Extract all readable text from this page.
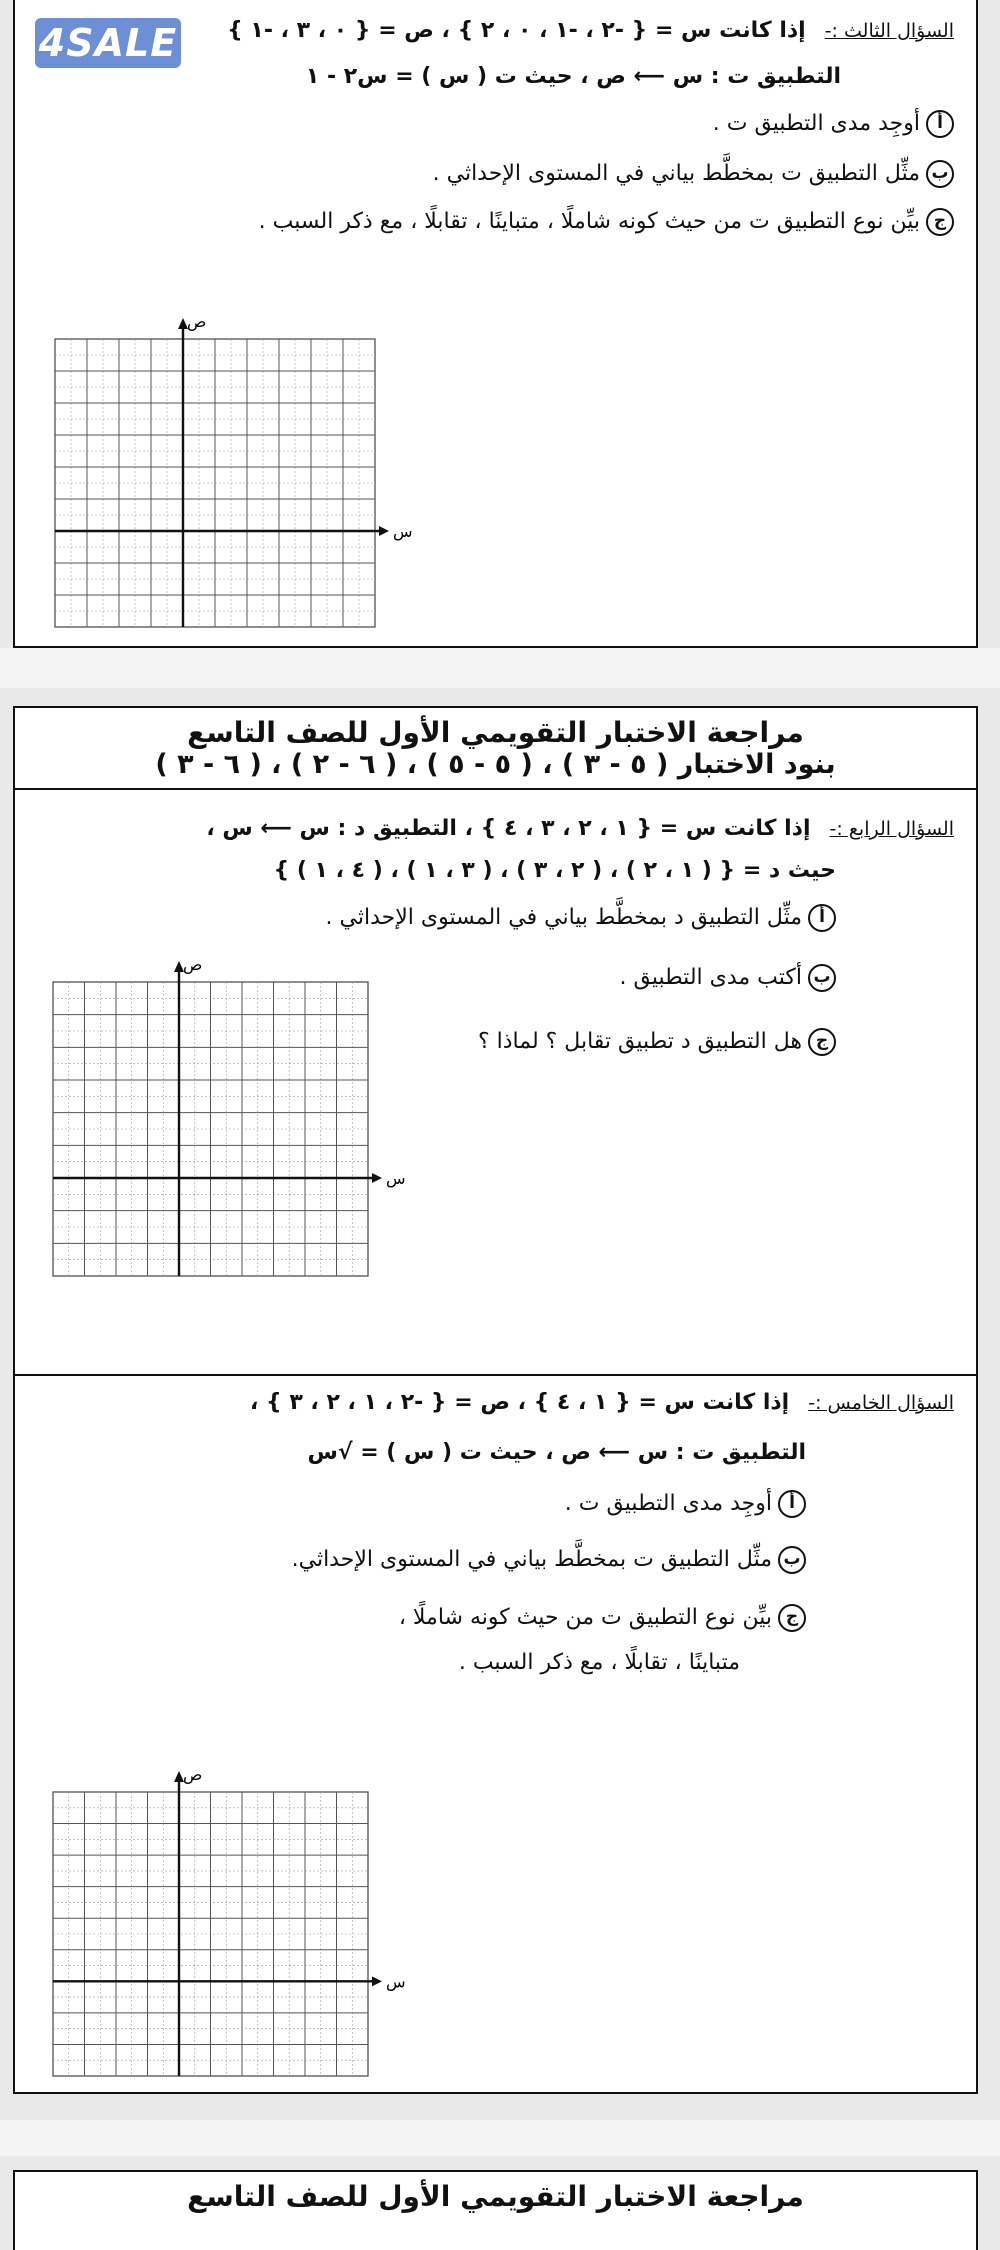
4SALE	السؤال الثالث :- إذا كانت س = { -٢ ، -١ ، ٠ ، ٢ } ، ص = { ٠ ، ٣ ، -١ }
التطبيق ت : س ⟵ ص ، حيث ت ( س ) = س٢ - ١
أأوجِد مدى التطبيق ت .
بمثِّل التطبيق ت بمخطَّط بياني في المستوى الإحداثي .
جبيِّن نوع التطبيق ت من حيث كونه شاملًا ، متباينًا ، تقابلًا ، مع ذكر السبب .
ص
س
مراجعة الاختبار التقويمي الأول للصف التاسع
بنود الاختبار ( ٥ - ٣ ) ، ( ٥ - ٥ ) ، ( ٦ - ٢ ) ، ( ٦ - ٣ )
السؤال الرابع :- إذا كانت س = { ١ ، ٢ ، ٣ ، ٤ } ، التطبيق د : س ⟵ س ،
حيث د = { ( ١ ، ٢ ) ، ( ٢ ، ٣ ) ، ( ٣ ، ١ ) ، ( ٤ ، ١ ) }
أمثِّل التطبيق د بمخطَّط بياني في المستوى الإحداثي .
بأكتب مدى التطبيق .
جهل التطبيق د تطبيق تقابل ؟ لماذا ؟
ص
س
السؤال الخامس :- إذا كانت س = { ١ ، ٤ } ، ص = { -٢ ، ١ ، ٢ ، ٣ } ،
التطبيق ت : س ⟵ ص ، حيث ت ( س ) = √س
أأوجِد مدى التطبيق ت .
بمثِّل التطبيق ت بمخطَّط بياني في المستوى الإحداثي.
جبيِّن نوع التطبيق ت من حيث كونه شاملًا ،
متباينًا ، تقابلًا ، مع ذكر السبب .
ص
س
مراجعة الاختبار التقويمي الأول للصف التاسع
